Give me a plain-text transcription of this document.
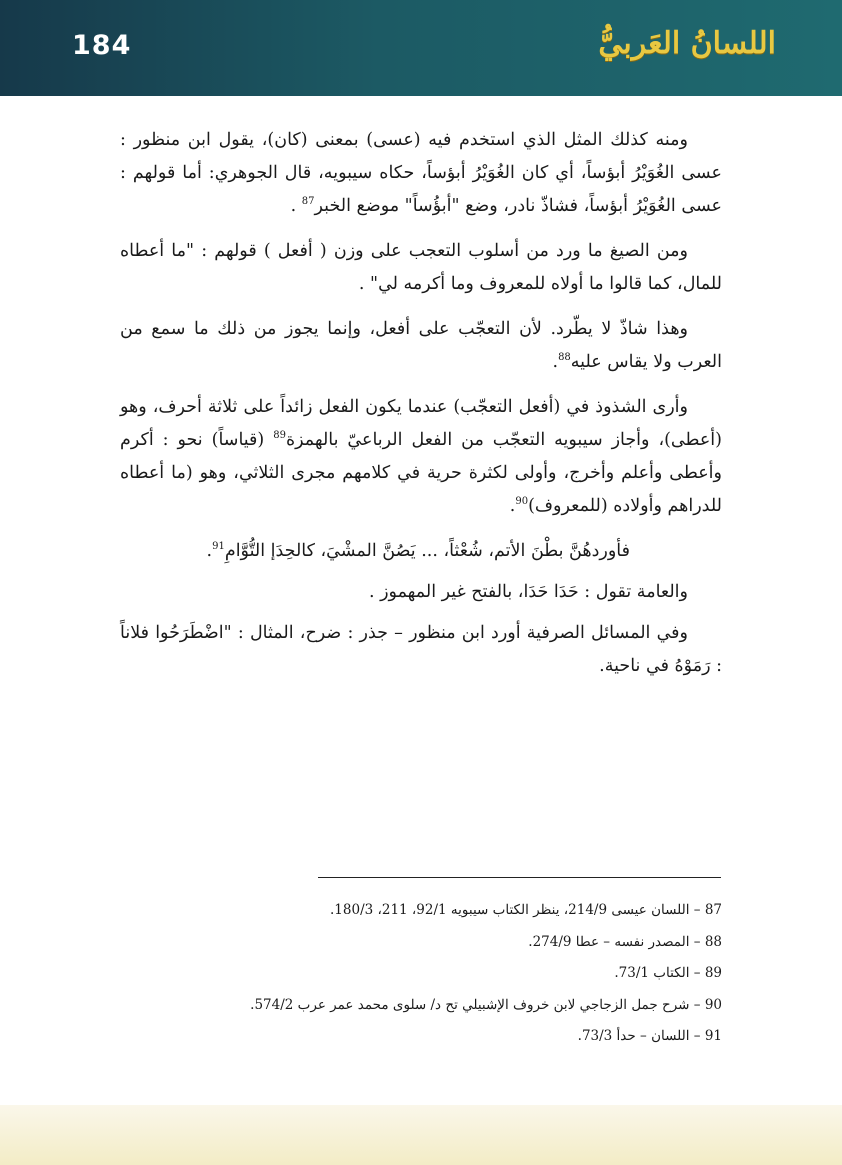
184	اللسانُ العَربيُّ

ومنه كذلك المثل الذي استخدم فيه (عسى) بمعنى (كان)، يقول ابن منظور : عسى الغُوَيْرُ أبؤساً، أي كان الغُوَيْرُ أبؤساً، حكاه سيبويه، قال الجوهري: أما قولهم : عسى الغُوَيْرُ أبؤساً، فشاذّ نادر، وضع "أبؤُساً" موضع الخبر$^{87}$ .

ومن الصيغ ما ورد من أسلوب التعجب على وزن ( أفعل ) قولهم : "ما أعطاه للمال، كما قالوا ما أولاه للمعروف وما أكرمه لي" .

وهذا شاذّ لا يطّرد. لأن التعجّب على أفعل، وإنما يجوز من ذلك ما سمع من العرب ولا يقاس عليه$^{88}$.

وأرى الشذوذ في (أفعل التعجّب) عندما يكون الفعل زائداً على ثلاثة أحرف، وهو (أعطى)، وأجاز سيبويه التعجّب من الفعل الرباعيّ بالهمزة$^{89}$ (قياساً) نحو : أكرم وأعطى وأعلم وأخرج، وأولى لكثرة حرية في كلامهم مجرى الثلاثي، وهو (ما أعطاه للدراهم وأولاده (للمعروف)$^{90}$.

فأوردهُنَّ بطْنَ الأتم، شُعْثاً، ... يَصُنَّ المشْيَ، كالحِدَإ التُّوَّامِ$^{91}$.

والعامة تقول : حَدَا حَدَا، بالفتح غير المهموز .

وفي المسائل الصرفية أورد ابن منظور – جذر : ضرح، المثال : "اضْطَرَحُوا فلاناً : رَمَوْهُ في ناحية.

87 – اللسان عيسى 214/9، ينظر الكتاب سيبويه 92/1، 211، 180/3.
88 – المصدر نفسه – عطا 274/9.
89 – الكتاب 73/1.
90 – شرح جمل الزجاجي لابن خروف الإشبيلي تح د/ سلوى محمد عمر عرب 574/2.
91 – اللسان – حدأ 73/3.
